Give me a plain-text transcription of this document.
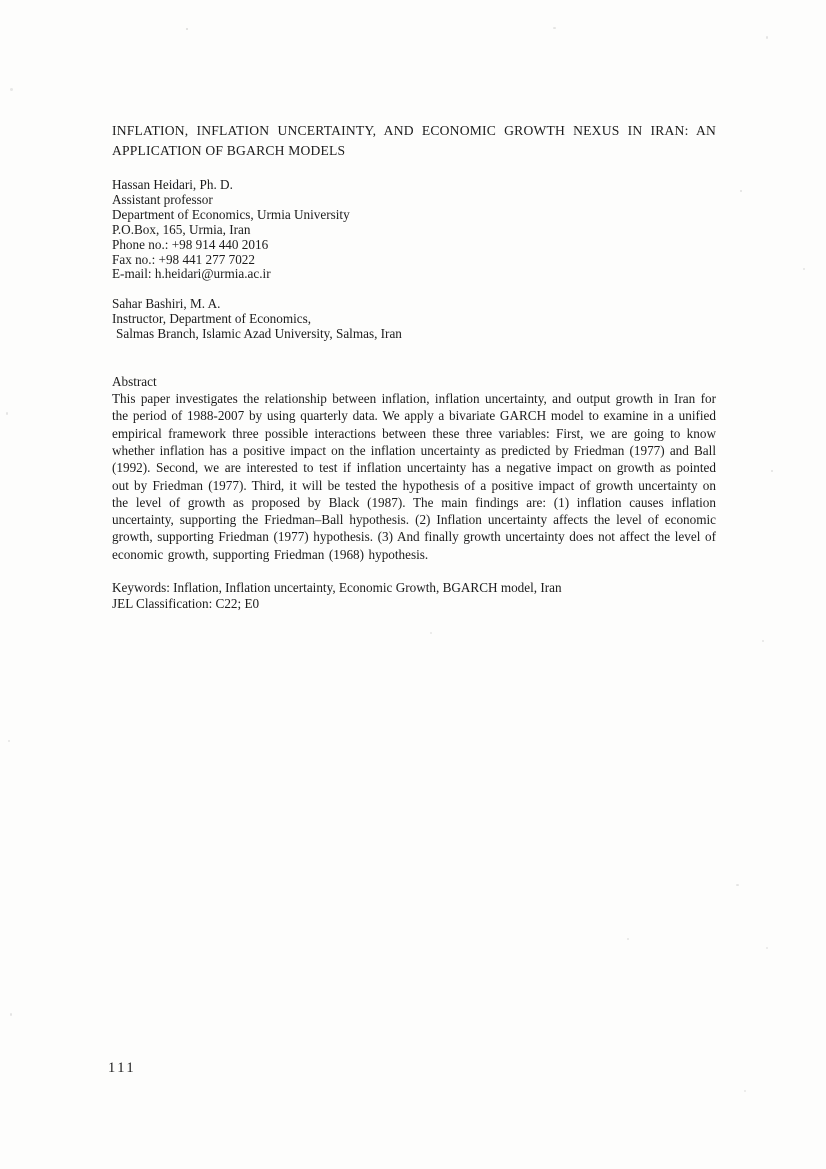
INFLATION, INFLATION UNCERTAINTY, AND ECONOMIC GROWTH NEXUS IN IRAN: AN
APPLICATION OF BGARCH MODELS
Hassan Heidari, Ph. D.
Assistant professor
Department of Economics, Urmia University
P.O.Box, 165, Urmia, Iran
Phone no.: +98 914 440 2016
Fax no.: +98 441 277 7022
E-mail: h.heidari@urmia.ac.ir
Sahar Bashiri, M. A.
Instructor, Department of Economics,
Salmas Branch, Islamic Azad University, Salmas, Iran
Abstract
This paper investigates the relationship between inflation, inflation uncertainty, and output growth in Iran for the period of 1988-2007 by using quarterly data. We apply a bivariate GARCH model to examine in a unified empirical framework three possible interactions between these three variables: First, we are going to know whether inflation has a positive impact on the inflation uncertainty as predicted by Friedman (1977) and Ball (1992). Second, we are interested to test if inflation uncertainty has a negative impact on growth as pointed out by Friedman (1977). Third, it will be tested the hypothesis of a positive impact of growth uncertainty on the level of growth as proposed by Black (1987). The main findings are: (1) inflation causes inflation uncertainty, supporting the Friedman–Ball hypothesis. (2) Inflation uncertainty affects the level of economic growth, supporting Friedman (1977) hypothesis. (3) And finally growth uncertainty does not affect the level of economic growth, supporting Friedman (1968) hypothesis.
Keywords: Inflation, Inflation uncertainty, Economic Growth, BGARCH model, Iran
JEL Classification: C22; E0
111
